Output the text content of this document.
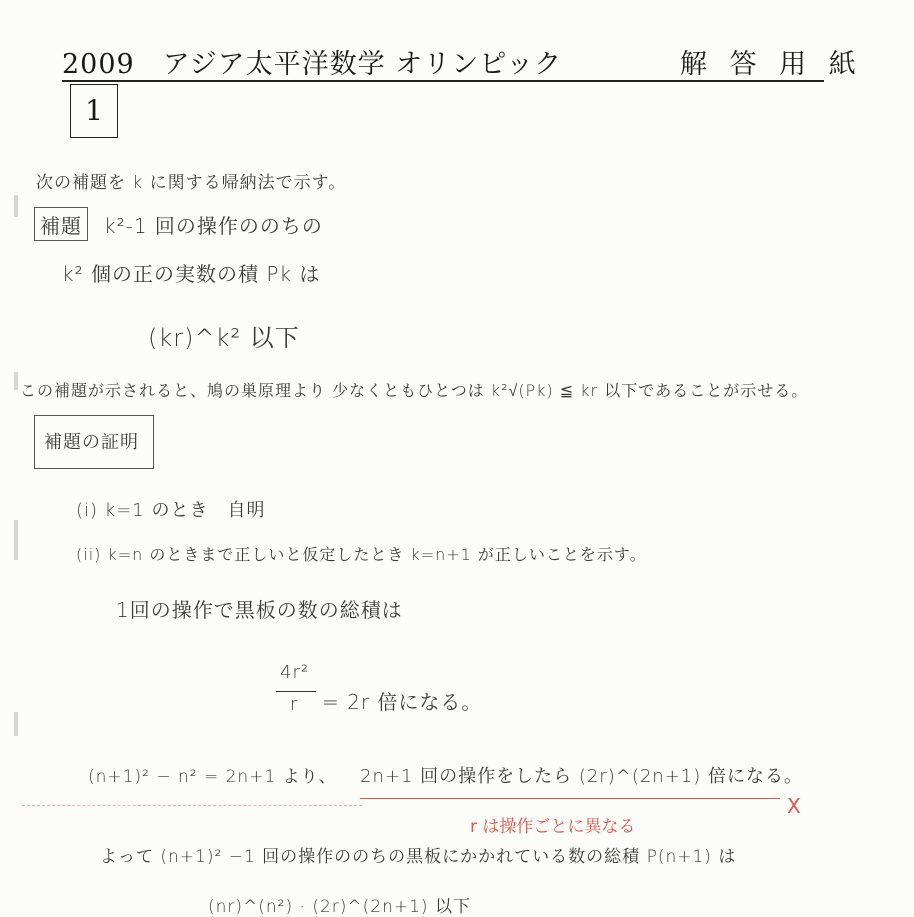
2009　アジア太平洋数学 オリンピック	解 答 用 紙
1
次の補題を k に関する帰納法で示す。
補題 k²-1 回の操作ののちの
k² 個の正の実数の積 Pk は
(kr)^k² 以下
この補題が示されると、鳩の巣原理より 少なくともひとつは k²√(Pk) ≦ kr 以下であることが示せる。
補題の証明
(i) k=1 のとき　自明
(ii) k=n のときまで正しいと仮定したとき k=n+1 が正しいことを示す。
1回の操作で黒板の数の総積は
4r²
r = 2r 倍になる。
(n+1)² − n² = 2n+1 より、 2n+1 回の操作をしたら (2r)^(2n+1) 倍になる。
X
r は操作ごとに異なる
よって (n+1)² −1 回の操作ののちの黒板にかかれている数の総積 P(n+1) は
(nr)^(n²) · (2r)^(2n+1) 以下
